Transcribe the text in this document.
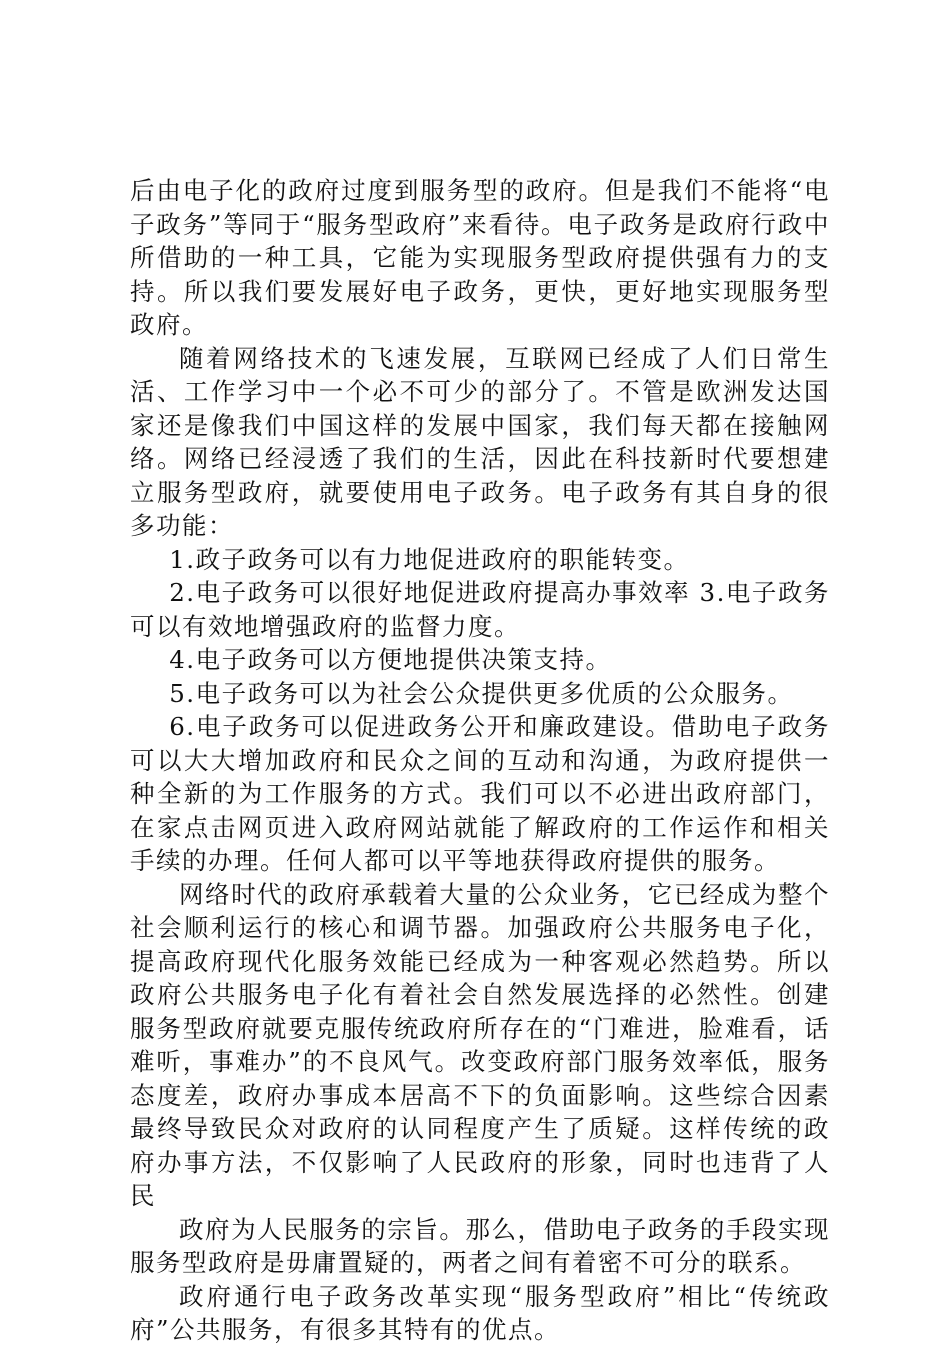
后由电子化的政府过度到服务型的政府。但是我们不能将“电子政务”等同于“服务型政府”来看待。电子政务是政府行政中所借助的一种工具，它能为实现服务型政府提供强有力的支持。所以我们要发展好电子政务，更快，更好地实现服务型政府。

随着网络技术的飞速发展，互联网已经成了人们日常生活、工作学习中一个必不可少的部分了。不管是欧洲发达国家还是像我们中国这样的发展中国家，我们每天都在接触网络。网络已经浸透了我们的生活，因此在科技新时代要想建立服务型政府，就要使用电子政务。电子政务有其自身的很多功能：

1.政子政务可以有力地促进政府的职能转变。

2.电子政务可以很好地促进政府提高办事效率 3.电子政务可以有效地增强政府的监督力度。

4.电子政务可以方便地提供决策支持。

5.电子政务可以为社会公众提供更多优质的公众服务。

6.电子政务可以促进政务公开和廉政建设。借助电子政务可以大大增加政府和民众之间的互动和沟通，为政府提供一种全新的为工作服务的方式。我们可以不必进出政府部门，在家点击网页进入政府网站就能了解政府的工作运作和相关手续的办理。任何人都可以平等地获得政府提供的服务。

网络时代的政府承载着大量的公众业务，它已经成为整个社会顺利运行的核心和调节器。加强政府公共服务电子化，提高政府现代化服务效能已经成为一种客观必然趋势。所以政府公共服务电子化有着社会自然发展选择的必然性。创建服务型政府就要克服传统政府所存在的“门难进，脸难看，话难听，事难办”的不良风气。改变政府部门服务效率低，服务态度差，政府办事成本居高不下的负面影响。这些综合因素最终导致民众对政府的认同程度产生了质疑。这样传统的政府办事方法，不仅影响了人民政府的形象，同时也违背了人民

政府为人民服务的宗旨。那么，借助电子政务的手段实现服务型政府是毋庸置疑的，两者之间有着密不可分的联系。

政府通行电子政务改革实现“服务型政府”相比“传统政府”公共服务，有很多其特有的优点。
